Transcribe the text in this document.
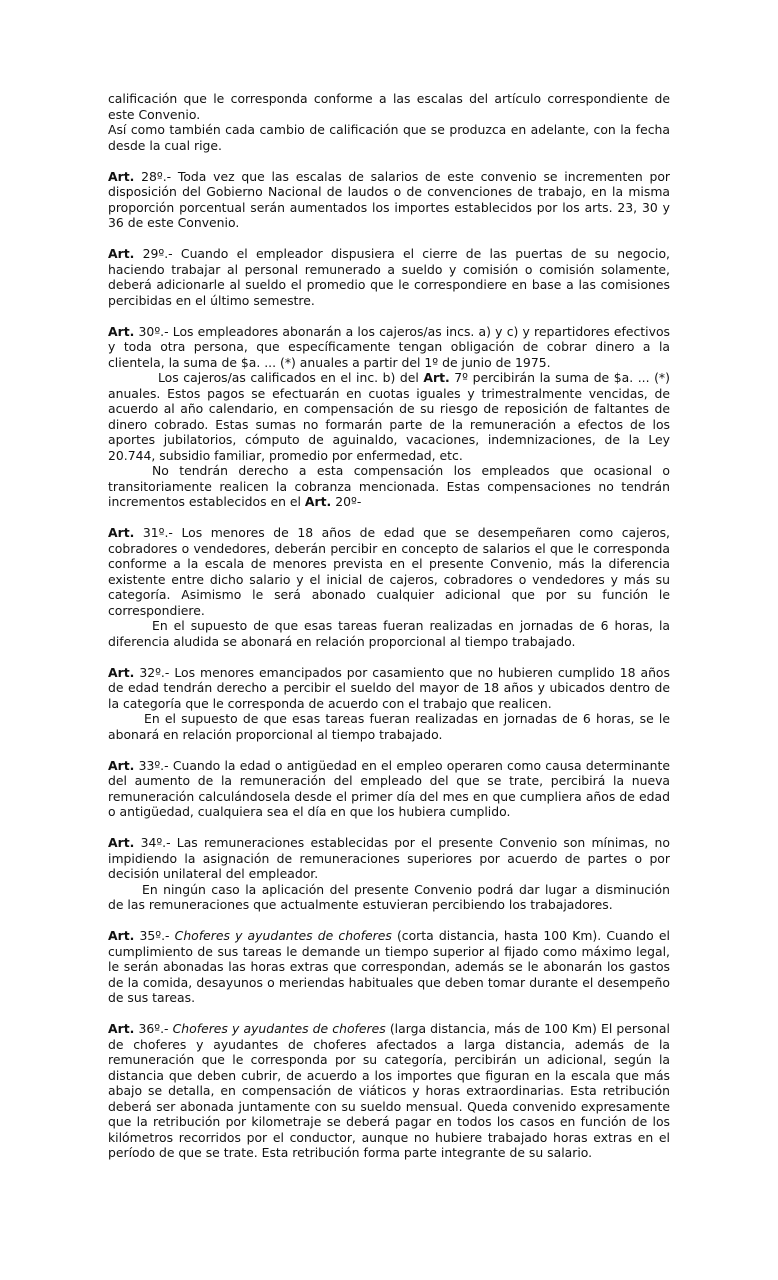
calificación que le corresponda conforme a las escalas del artículo correspondiente de este Convenio.

Así como también cada cambio de calificación que se produzca en adelante, con la fecha desde la cual rige.

Art. 28º.- Toda vez que las escalas de salarios de este convenio se incrementen por disposición del Gobierno Nacional de laudos o de convenciones de trabajo, en la misma proporción porcentual serán aumentados los importes establecidos por los arts. 23, 30 y 36 de este Convenio.

Art. 29º.- Cuando el empleador dispusiera el cierre de las puertas de su negocio, haciendo trabajar al personal remunerado a sueldo y comisión o comisión solamente, deberá adicionarle al sueldo el promedio que le correspondiere en base a las comisiones percibidas en el último semestre.

Art. 30º.- Los empleadores abonarán a los cajeros/as incs. a) y c) y repartidores efectivos y toda otra persona, que específicamente tengan obligación de cobrar dinero a la clientela, la suma de $a. ... (*) anuales a partir del 1º de junio de 1975.

Los cajeros/as calificados en el inc. b) del Art. 7º percibirán la suma de $a. ... (*) anuales. Estos pagos se efectuarán en cuotas iguales y trimestralmente vencidas, de acuerdo al año calendario, en compensación de su riesgo de reposición de faltantes de dinero cobrado. Estas sumas no formarán parte de la remuneración a efectos de los aportes jubilatorios, cómputo de aguinaldo, vacaciones, indemnizaciones, de la Ley 20.744, subsidio familiar, promedio por enfermedad, etc.

No tendrán derecho a esta compensación los empleados que ocasional o transitoriamente realicen la cobranza mencionada. Estas compensaciones no tendrán incrementos establecidos en el Art. 20º-

Art. 31º.- Los menores de 18 años de edad que se desempeñaren como cajeros, cobradores o vendedores, deberán percibir en concepto de salarios el que le corresponda conforme a la escala de menores prevista en el presente Convenio, más la diferencia existente entre dicho salario y el inicial de cajeros, cobradores o vendedores y más su categoría. Asimismo le será abonado cualquier adicional que por su función le correspondiere.

En el supuesto de que esas tareas fueran realizadas en jornadas de 6 horas, la diferencia aludida se abonará en relación proporcional al tiempo trabajado.

Art. 32º.- Los menores emancipados por casamiento que no hubieren cumplido 18 años de edad tendrán derecho a percibir el sueldo del mayor de 18 años y ubicados dentro de la categoría que le corresponda de acuerdo con el trabajo que realicen.

En el supuesto de que esas tareas fueran realizadas en jornadas de 6 horas, se le abonará en relación proporcional al tiempo trabajado.

Art. 33º.- Cuando la edad o antigüedad en el empleo operaren como causa determinante del aumento de la remuneración del empleado del que se trate, percibirá la nueva remuneración calculándosela desde el primer día del mes en que cumpliera años de edad o antigüedad, cualquiera sea el día en que los hubiera cumplido.

Art. 34º.- Las remuneraciones establecidas por el presente Convenio son mínimas, no impidiendo la asignación de remuneraciones superiores por acuerdo de partes o por decisión unilateral del empleador.

En ningún caso la aplicación del presente Convenio podrá dar lugar a disminución de las remuneraciones que actualmente estuvieran percibiendo los trabajadores.

Art. 35º.- Choferes y ayudantes de choferes (corta distancia, hasta 100 Km). Cuando el cumplimiento de sus tareas le demande un tiempo superior al fijado como máximo legal, le serán abonadas las horas extras que correspondan, además se le abonarán los gastos de la comida, desayunos o meriendas habituales que deben tomar durante el desempeño de sus tareas.

Art. 36º.- Choferes y ayudantes de choferes (larga distancia, más de 100 Km) El personal de choferes y ayudantes de choferes afectados a larga distancia, además de la remuneración que le corresponda por su categoría, percibirán un adicional, según la distancia que deben cubrir, de acuerdo a los importes que figuran en la escala que más abajo se detalla, en compensación de viáticos y horas extraordinarias. Esta retribución deberá ser abonada juntamente con su sueldo mensual. Queda convenido expresamente que la retribución por kilometraje se deberá pagar en todos los casos en función de los kilómetros recorridos por el conductor, aunque no hubiere trabajado horas extras en el período de que se trate. Esta retribución forma parte integrante de su salario.
